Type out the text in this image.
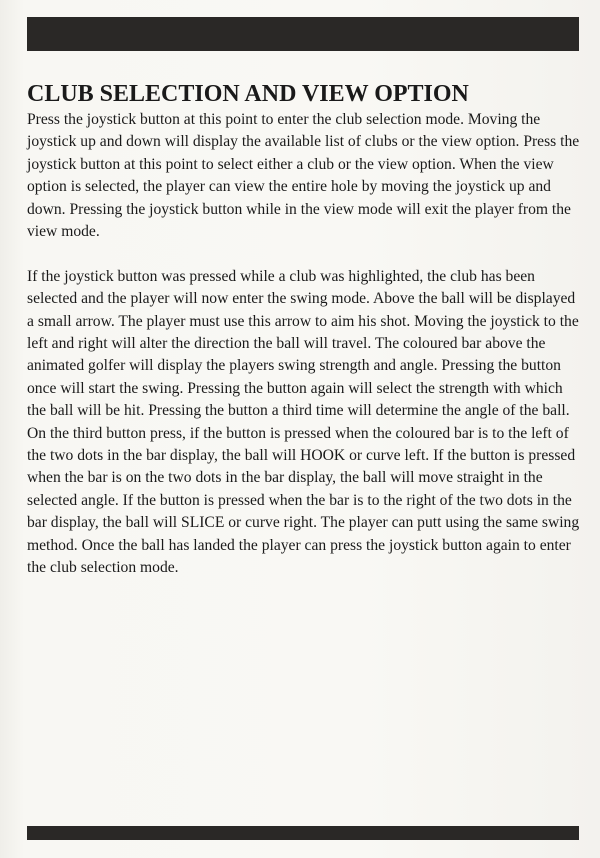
CLUB SELECTION AND VIEW OPTION

Press the joystick button at this point to enter the club selection mode. Moving the joystick up and down will display the available list of clubs or the view option. Press the joystick button at this point to select either a club or the view option. When the view option is selected, the player can view the entire hole by moving the joystick up and down. Pressing the joystick button while in the view mode will exit the player from the view mode.

If the joystick button was pressed while a club was highlighted, the club has been selected and the player will now enter the swing mode. Above the ball will be displayed a small arrow. The player must use this arrow to aim his shot. Moving the joystick to the left and right will alter the direction the ball will travel. The coloured bar above the animated golfer will display the players swing strength and angle. Pressing the button once will start the swing. Pressing the button again will select the strength with which the ball will be hit. Pressing the button a third time will determine the angle of the ball. On the third button press, if the button is pressed when the coloured bar is to the left of the two dots in the bar display, the ball will HOOK or curve left. If the button is pressed when the bar is on the two dots in the bar display, the ball will move straight in the selected angle. If the button is pressed when the bar is to the right of the two dots in the bar display, the ball will SLICE or curve right. The player can putt using the same swing method. Once the ball has landed the player can press the joystick button again to enter the club selection mode.
